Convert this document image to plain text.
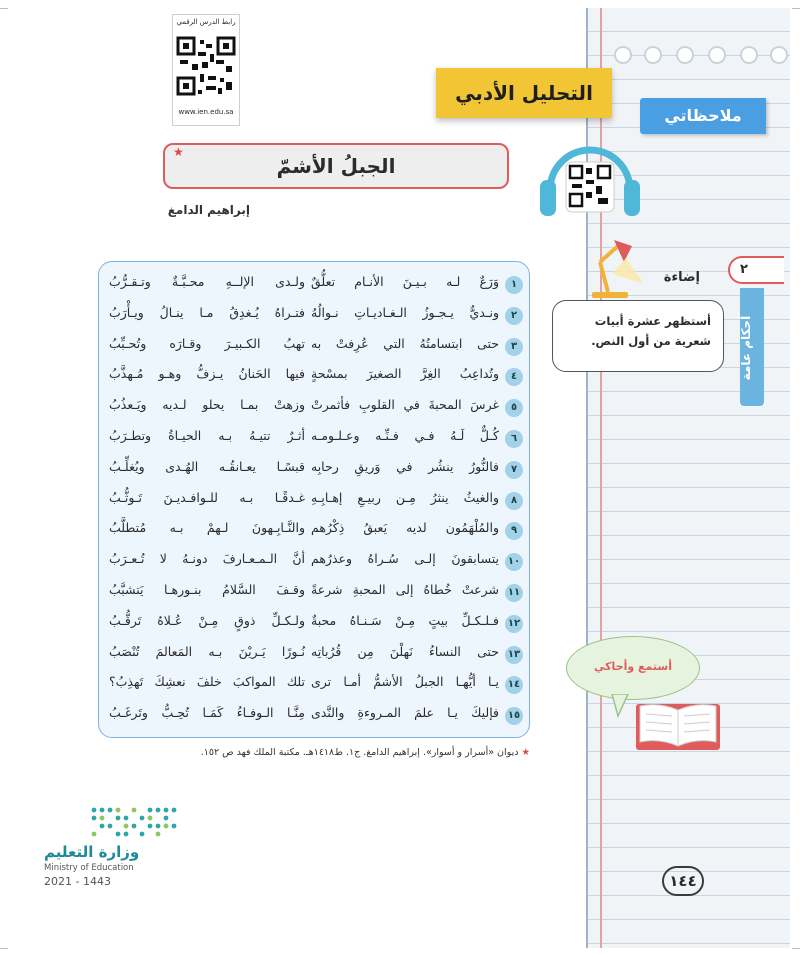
رابط الدرس الرقمي
www.ien.edu.sa
التحليل الأدبي
ملاحظاتي
الجبلُ الأشمّ
★
إبراهيم الدامغ
١
وَرَعٌ لـه بـيـنَ الأنـام تعلُّقٌ
ولـدى الإلــهِ محـبَّـةٌ وتـقـرُّبُ
٢
ونـديٌّ يـجـوزُ الـغـاديـاتِ نـوالُهُ
فتـراهُ يُـغدِقُ مـا ينـالُ ويـأْرَبُ
٣
حتى ابتسامتُهُ التي عُرِفتْ به
تهبُ الكـبيـرَ وقـارَه وتُحـبِّبُ
٤
وتُداعِبُ الغِرَّ الصغيرَ بمسْحةٍ
فيها الحَنانُ يـزفُّ وهـو مُـهذَّبُ
٥
غرسَ المحبةَ في القلوبِ فأثمرتْ
وزهتْ بمـا يحلو لـديه ويَـعذُبُ
٦
كُـلٌّ لَـهُ فـي فـنِّـه وعـلـومـه
أثـرٌ تتيـهُ بـه الحيـاةُ وتطـرَبُ
٧
فالنُّورُ ينشُر في وَريقِ رحابِه
قبسًـا يعـانقُـه الهُـدى ويُغلِّـبُ
٨
والغيثُ ينثرُ مِـن ربيـعِ إهـابِـهِ
غـدقًـا بـه للـوافـديـنَ تَـوثُّـبُ
٩
والمُلْهَمُون لديه يَعبقُ ذِكْرُهم
والنَّـابِـهونَ لـهمْ بـه مُتطلَّبُ
١٠
يتسابقونَ إلـى سُـراهُ وعذرُهم
أنَّ الـمـعـارفَ دونـهُ لا تُـعـرَبُ
١١
شرعتْ خُطاهُ إلى المحبةِ شرعةً
وقـفَ السَّلامُ بنـورهـا يَتشبَّبُ
١٢
فـلـكـلِّ بيتٍ مِـنْ سَـنـاهُ محبةٌ
ولـكـلِّ ذوقٍ مِـنْ عُـلاهُ تَرقُّـبُ
١٣
حتى النساءُ نَهلْنَ مِن قُرُباتِه
نُـورًا يَـريْنَ بـه المَعالمَ تُنْصَبُ
١٤
يـا أيُّهـا الجبلُ الأشمُّ أمـا ترى
تلك المواكبَ خلفَ نعشِكَ تَهذِبُ؟
١٥
فإليكَ يـا علمَ المـروءةِ والنَّدى
مِنَّـا الـوفـاءُ كَمَـا تُحِـبُّ وتَرغَـبُ
★ ديوان «أسرار و أسوار». إبراهيم الدامغ. ج١. ط١٤١٨هـ. مكتبة الملك فهد ص ١٥٢.
٢
أحكام عامة
إضاءة
أستظهر عشرة أبيات شعرية من أول النص.
أستمع وأحاكي
وزارة التعليم
Ministry of Education
2021 - 1443	١٤٤
